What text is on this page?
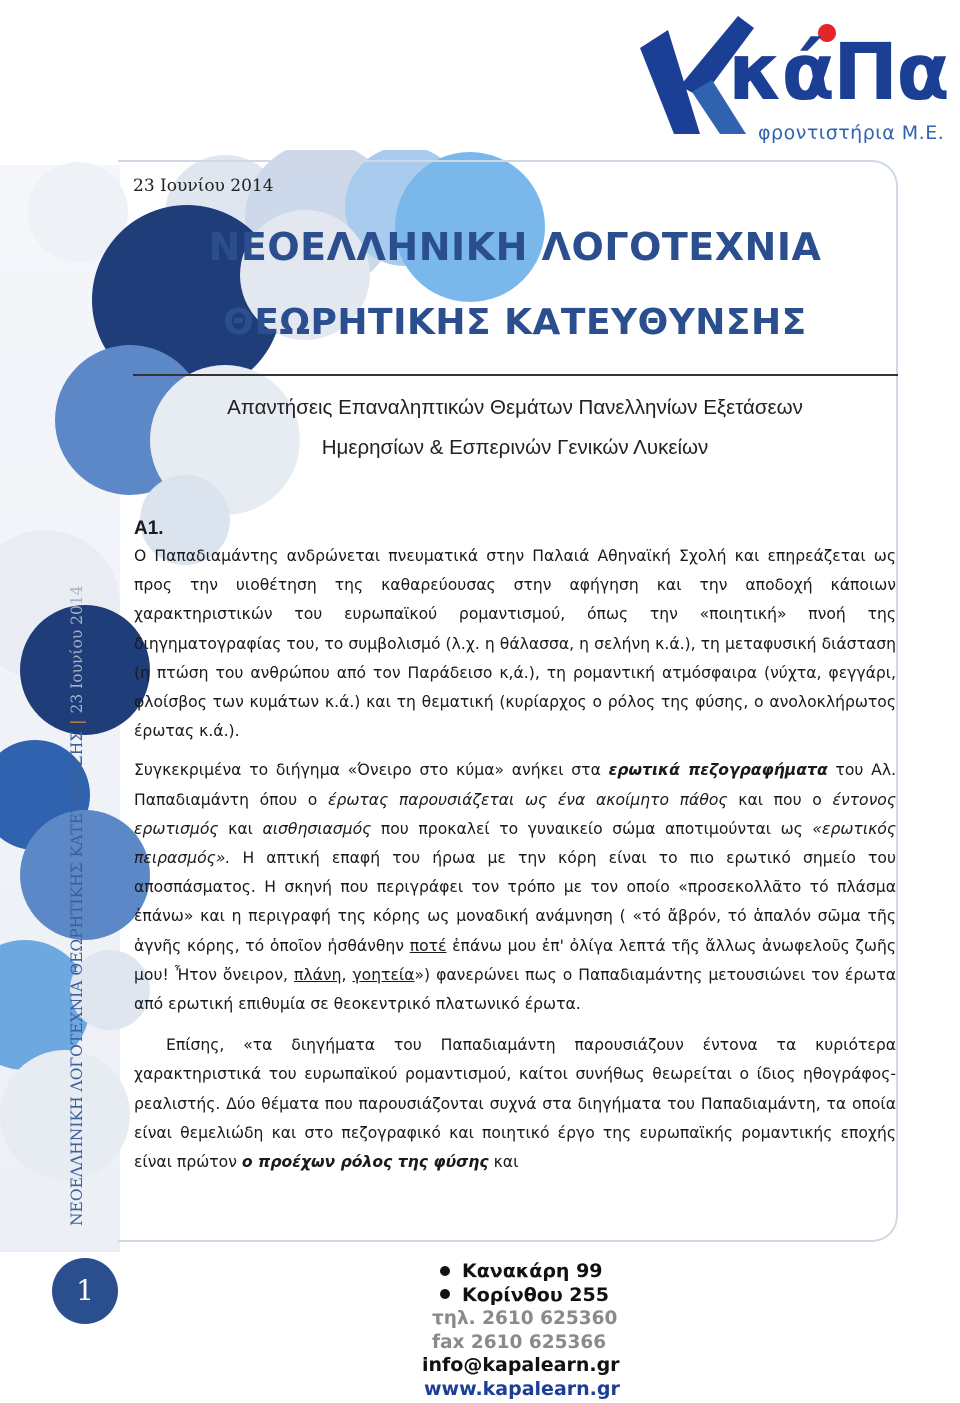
κάΠα
φροντιστήρια Μ.Ε.
ΝΕΟΕΛΛΗΝΙΚΗ ΛΟΓΟΤΕΧΝΙΑ ΘΕΩΡΗΤΙΚΗΣ ΚΑΤΕΥΘΥΝΣΗΣ|23 Ιουνίου 2014
1
23 Ιουνίου 2014
ΝΕΟΕΛΛΗΝΙΚΗ ΛΟΓΟΤΕΧΝΙΑ
ΘΕΩΡΗΤΙΚΗΣ ΚΑΤΕΥΘΥΝΣΗΣ
Απαντήσεις Επαναληπτικών Θεμάτων Πανελληνίων Εξετάσεων
Ημερησίων & Εσπερινών Γενικών Λυκείων
Α1.

Ο Παπαδιαμάντης ανδρώνεται πνευματικά στην Παλαιά Αθηναϊκή Σχολή και επηρεάζεται ως προς την υιοθέτηση της καθαρεύουσας στην αφήγηση και την αποδοχή κάποιων χαρακτηριστικών του ευρωπαϊκού ρομαντισμού, όπως την «ποιητική» πνοή της διηγηματογραφίας του, το συμβολισμό (λ.χ. η θάλασσα, η σελήνη κ.ά.), τη μεταφυσική διάσταση (η πτώση του ανθρώπου από τον Παράδεισο κ,ά.), τη ρομαντική ατμόσφαιρα (νύχτα, φεγγάρι, φλοίσβος των κυμάτων κ.ά.) και τη θεματική (κυρίαρχος ο ρόλος της φύσης, ο ανολοκλήρωτος έρωτας κ.ά.).

Συγκεκριμένα το διήγημα «Όνειρο στο κύμα» ανήκει στα ερωτικά πεζογραφήματα του Αλ. Παπαδιαμάντη όπου ο έρωτας παρουσιάζεται ως ένα ακοίμητο πάθος και που ο έντονος ερωτισμός και αισθησιασμός που προκαλεί το γυναικείο σώμα αποτιμούνται ως «ερωτικός πειρασμός». Η απτική επαφή του ήρωα με την κόρη είναι το πιο ερωτικό σημείο του αποσπάσματος. Η σκηνή που περιγράφει τον τρόπο με τον οποίο «προσεκολλᾶτο τό πλάσμα ἐπάνω» και η περιγραφή της κόρης ως μοναδική ανάμνηση ( «τό ἄβρόν, τό ἁπαλόν σῶμα τῆς ἁγνῆς κόρης, τό ὁποῖον ἠσθάνθην ποτέ ἐπάνω μου ἐπ' ὀλίγα λεπτά τῆς ἄλλως ἀνωφελοῦς ζωῆς μου! Ἦτον ὄνειρον, πλάνη, γοητεία») φανερώνει πως ο Παπαδιαμάντης μετουσιώνει τον έρωτα από ερωτική επιθυμία σε θεοκεντρικό πλατωνικό έρωτα.

Επίσης, «τα διηγήματα του Παπαδιαμάντη παρουσιάζουν έντονα τα κυριότερα χαρακτηριστικά του ευρωπαϊκού ρομαντισμού, καίτοι συνήθως θεωρείται ο ίδιος ηθογράφος-ρεαλιστής. Δύο θέματα που παρουσιάζονται συχνά στα διηγήματα του Παπαδιαμάντη, τα οποία είναι θεμελιώδη και στο πεζογραφικό και ποιητικό έργο της ευρωπαϊκής ρομαντικής εποχής είναι πρώτον ο προέχων ρόλος της φύσης και

Κανακάρη 99
Κορίνθου 255
τηλ. 2610 625360
fax 2610 625366
info@kapalearn.gr
www.kapalearn.gr
